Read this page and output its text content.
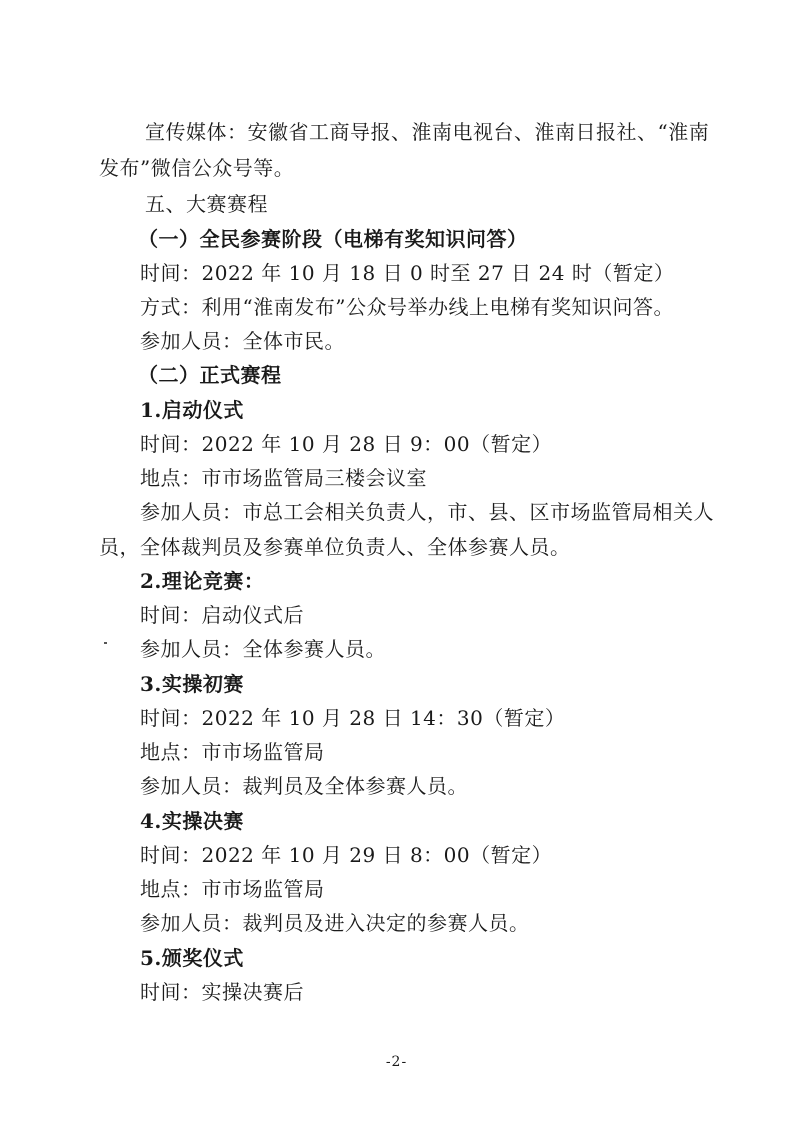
宣传媒体：安徽省工商导报、淮南电视台、淮南日报社、“淮南
发布”微信公众号等。
五、大赛赛程
（一）全民参赛阶段（电梯有奖知识问答）
时间：2022 年 10 月 18 日 0 时至 27 日 24 时（暂定）
方式：利用“淮南发布”公众号举办线上电梯有奖知识问答。
参加人员：全体市民。
（二）正式赛程
1.启动仪式
时间：2022 年 10 月 28 日 9：00（暂定）
地点：市市场监管局三楼会议室
参加人员：市总工会相关负责人，市、县、区市场监管局相关人
员，全体裁判员及参赛单位负责人、全体参赛人员。
2.理论竞赛：
时间：启动仪式后
参加人员：全体参赛人员。
3.实操初赛
时间：2022 年 10 月 28 日 14：30（暂定）
地点：市市场监管局
参加人员：裁判员及全体参赛人员。
4.实操决赛
时间：2022 年 10 月 29 日 8：00（暂定）
地点：市市场监管局
参加人员：裁判员及进入决定的参赛人员。
5.颁奖仪式
时间：实操决赛后
-2-
